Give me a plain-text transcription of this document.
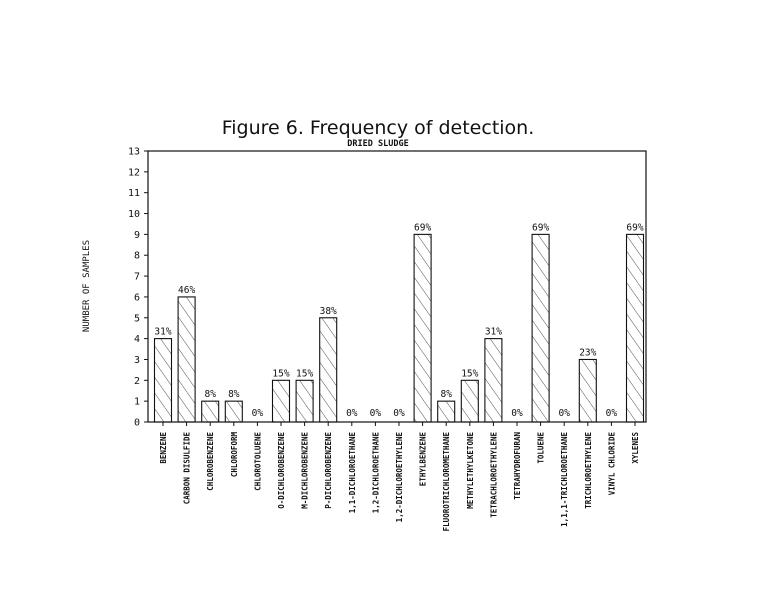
Figure 6. Frequency of detection.
DRIED SLUDGE
NUMBER OF SAMPLES
0
1
2
3
4
5
6
7
8
9
10
11
12
13
31%
46%
8% 8%
0%
15% 15%
38%
0% 0% 0%
69%
8%
15%
31%
0%
69%
0%
23%
0%
69%
BENZENE CARBON DISULFIDE CHLOROBENZENE CHLOROFORM CHLOROTOLUENE O-DICHLOROBENZENE M-DICHLOROBENZENE P-DICHLOROBENZENE 1,1-DICHLOROETHANE 1,2-DICHLOROETHANE 1,2-DICHLOROETHYLENE ETHYLBENZENE FLUOROTRICHLOROMETHANE METHYLETHYLKETONE TETRACHLOROETHYLENE TETRAHYDROFURAN TOLUENE 1,1,1-TRICHLOROETHANE TRICHLOROETHYLENE VINYL CHLORIDE XYLENES
